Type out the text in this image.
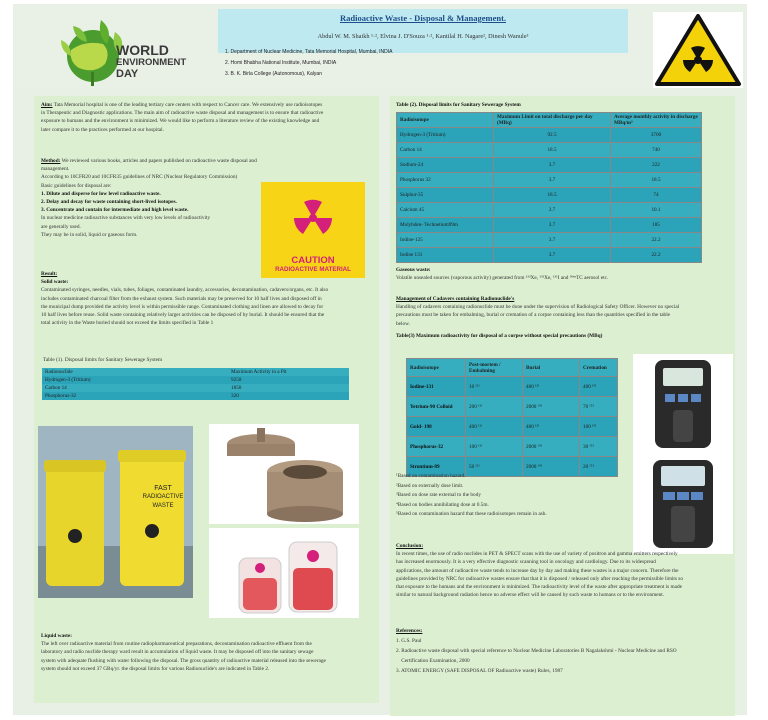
WORLD
ENVIRONMENT
DAY
Radioactive Waste - Disposal & Management.
Abdul W. M. Shaikh ¹·², Elvina J. D'Souza ¹·², Kantilal H. Nagare², Dinesh Wanule³
1. Department of Nuclear Medicine, Tata Memorial Hospital, Mumbai, INDIA
2. Homi Bhabha National Institute, Mumbai, INDIA
3. B. K. Birla College (Autonomous), Kalyan
Aim: Tata Memorial hospital is one of the leading tertiary care centers with respect to Cancer care. We extensively use radioisotopes
in Therapeutic and Diagnostic applications. The main aim of radioactive waste disposal and management is to ensure that radioactive
exposure to humans and the environment is minimized. We would like to perform a literature review of the existing knowledge and
later compare it to the practices performed at our hospital.
Method: We reviewed various books, articles and papers published on radioactive waste disposal and management.
According to 10CFR20 and 10CFR35 guidelines of NRC (Nuclear Regulatory Commission)
Basic guidelines for disposal are:
1. Dilute and disperse for low level radioactive waste.
2. Delay and decay for waste containing short-lived isotopes.
3. Concentrate and contain for intermediate and high level waste.
In nuclear medicine radioactive substances with very low levels of radioactivity
are generally used.
They may be in solid, liquid or gaseous form.
CAUTION
RADIOACTIVE MATERIAL
Result:
Solid waste:
Contaminated syringes, needles, vials, tubes, foliages, contaminated laundry, accessories, decontamination, cadavers/organs, etc. It also
includes contaminated charcoal filter from the exhaust system. Such materials may be preserved for 10 half lives and disposed off in
the municipal dump provided the activity level is within permissible range. Contaminated clothing and linen are allowed to decay for
10 half lives before reuse. Solid waste containing relatively larger activities can be disposed of by burial. It should be ensured that the
total activity in the Waste buried should not exceed the limits specified in Table 1
Table (1). Disposal limits for Sanitary Sewerage System
Radionuclide	Maximum Activity in a Pit
Hydrogen-3 (Tritium)	9250
Carbon 14	1850
Phosphorus-32	320
FAST
RADIOACTIVE
WASTE
Liquid waste:
The left over radioactive material from routine radiopharmaceutical preparations, decontamination radioactive effluent from the
laboratory and radio nuclide therapy ward result in accumulation of liquid waste. It may be disposed off into the sanitary sewage
system with adequate flushing with water following the disposal. The gross quantity of radioactive material released into the sewerage
system should not exceed 37 GBq/yr. the disposal limits for various Radionuclide's are indicated in Table 2.
Table (2). Disposal limits for Sanitary Sewerage System
Radioisotope	Maximum Limit on total discharge per day (MBq)	Average monthly activity in discharge MBq/m³
Hydrogen-3 (Tritium)	92.5	3700
Carbon 14	18.5	740
Sodium-24	3.7	222
Phosphorus 32	3.7	18.5
Sulphur-35	18.5	74
Calcium 45	3.7	10.1
Molybden- Technetium99m	3.7	185
Iodine-125	3.7	22.2
Iodine 131	3.7	22.2
Gaseous waste:
Volatile unsealed sources (vaporous activity) generated from ¹³³Xe, ¹³¹Xe, ¹³¹I and ⁹⁹ᵐTC aerosol etc.
Management of Cadavers containing Radionuclide's
Handling of cadavers containing radionuclide must be done under the supervision of Radiological Safety Officer. However no special
precautions must be taken for embalming, burial or cremation of a corpse containing less than the quantities specified in the table
below.
Table(3) Maximum radioactivity for disposal of a corpse without special precautions (MBq)
Radioisotope	Post-mortem / Embalming	Burial	Cremation
Iodine-131	10 ⁽¹⁾	400 ⁽²⁾	400 ⁽³⁾
Yetrium-90 Colloid	200 ⁽¹⁾	2000 ⁽⁴⁾	70 ⁽⁵⁾
Gold- 198	400 ⁽¹⁾	400 ⁽²⁾	100 ⁽³⁾
Phosphorus-32	100 ⁽¹⁾	2000 ⁽⁴⁾	30 ⁽⁵⁾
Strontium-89	50 ⁽¹⁾	2000 ⁽⁴⁾	20 ⁽⁵⁾
¹Based on contamination hazard.
²Based on externally dose limit.
³Based on dose rate external to the body
⁴Based on bodies annihilating dose at 0.5m.
⁵Based on contamination hazard that these radioisotopes remain in ash.
Conclusion:
In recent times, the use of radio nuclides in PET & SPECT scans with the use of variety of positron and gamma emitters respectively
has increased enormously. It is a very effective diagnostic scanning tool in oncology and cardiology. Due to its widespread
applications, the amount of radioactive waste tends to increase day by day and making these wastes is a major concern. Therefore the
guidelines provided by NRC for radioactive wastes ensure that that it is disposed / released only after reaching the permissible limits so
that exposure to the humans and the environment is minimized. The radioactivity level of the waste after appropriate treatment is made
similar to natural background radiation hence no adverse effect will be caused by such waste to humans or to the environment.
References:
1. G.S. Paul
2. Radioactive waste disposal with special reference to Nuclear Medicine Laboratories B Nagalakshmi - Nuclear Medicine and RSO
Certification Examination, 2000
3. ATOMIC ENERGY (SAFE DISPOSAL OF Radioactive waste) Rules, 1987
